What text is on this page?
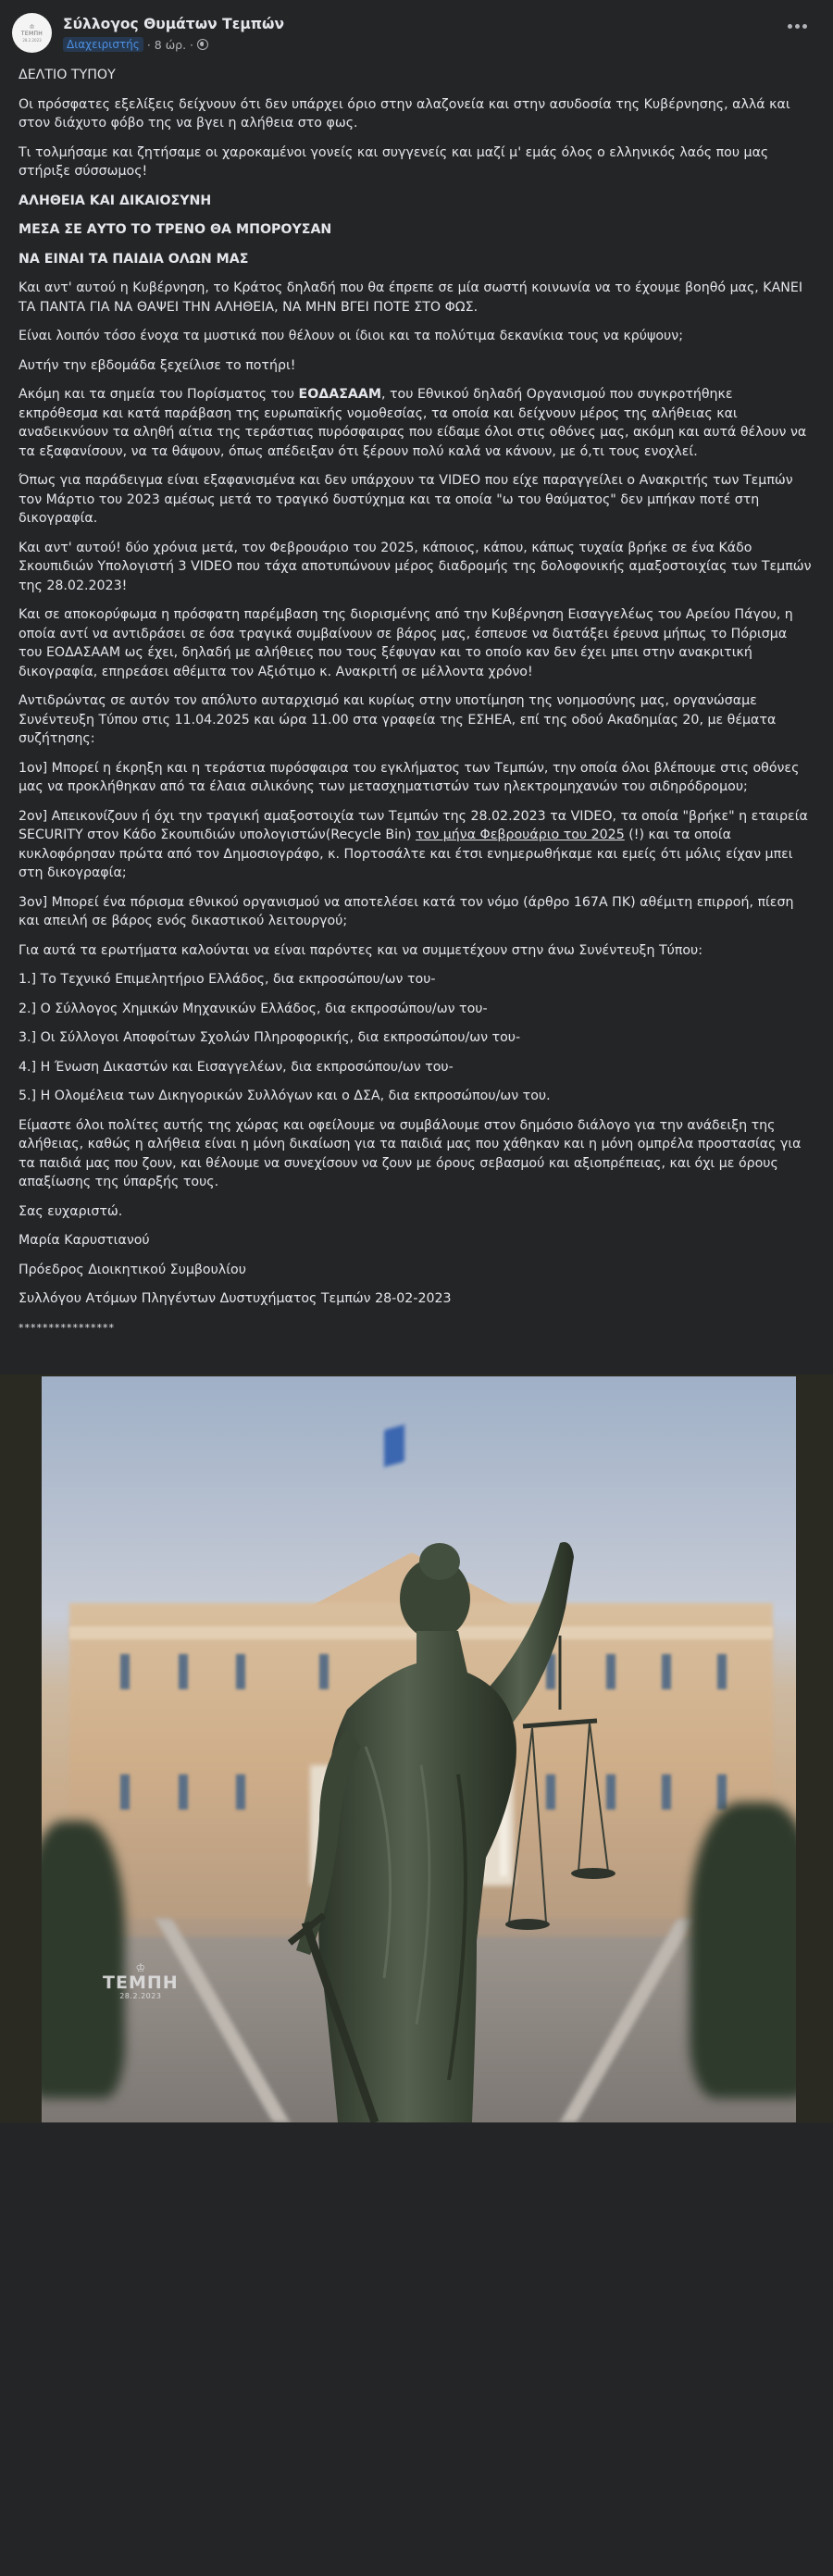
♔
ΤΕΜΠΗ
28.2.2023
Σύλλογος Θυμάτων Τεμπών
Διαχειριστής · 8 ώρ. ·

ΔΕΛΤΙΟ ΤΥΠΟΥ

Οι πρόσφατες εξελίξεις δείχνουν ότι δεν υπάρχει όριο στην αλαζονεία και στην ασυδοσία της Κυβέρνησης, αλλά και στον διάχυτο φόβο της να βγει η αλήθεια στο φως.

Τι τολμήσαμε και ζητήσαμε οι χαροκαμένοι γονείς και συγγενείς και μαζί μ' εμάς όλος ο ελληνικός λαός που μας στήριξε σύσσωμος!

ΑΛΗΘΕΙΑ ΚΑΙ ΔΙΚΑΙΟΣΥΝΗ

ΜΕΣΑ ΣΕ ΑΥΤΟ ΤΟ ΤΡΕΝΟ ΘΑ ΜΠΟΡΟΥΣΑΝ

ΝΑ ΕΙΝΑΙ ΤΑ ΠΑΙΔΙΑ ΟΛΩΝ ΜΑΣ

Και αντ' αυτού η Κυβέρνηση, το Κράτος δηλαδή που θα έπρεπε σε μία σωστή κοινωνία να το έχουμε βοηθό μας, ΚΑΝΕΙ ΤΑ ΠΑΝΤΑ ΓΙΑ ΝΑ ΘΑΨΕΙ ΤΗΝ ΑΛΗΘΕΙΑ, ΝΑ ΜΗΝ ΒΓΕΙ ΠΟΤΕ ΣΤΟ ΦΩΣ.

Είναι λοιπόν τόσο ένοχα τα μυστικά που θέλουν οι ίδιοι και τα πολύτιμα δεκανίκια τους να κρύψουν;

Αυτήν την εβδομάδα ξεχείλισε το ποτήρι!

Ακόμη και τα σημεία του Πορίσματος του ΕΟΔΑΣΑΑΜ, του Εθνικού δηλαδή Οργανισμού που συγκροτήθηκε εκπρόθεσμα και κατά παράβαση της ευρωπαϊκής νομοθεσίας, τα οποία και δείχνουν μέρος της αλήθειας και αναδεικνύουν τα αληθή αίτια της τεράστιας πυρόσφαιρας που είδαμε όλοι στις οθόνες μας, ακόμη και αυτά θέλουν να τα εξαφανίσουν, να τα θάψουν, όπως απέδειξαν ότι ξέρουν πολύ καλά να κάνουν, με ό,τι τους ενοχλεί.

Όπως για παράδειγμα είναι εξαφανισμένα και δεν υπάρχουν τα VIDEO που είχε παραγγείλει ο Ανακριτής των Τεμπών τον Μάρτιο του 2023 αμέσως μετά το τραγικό δυστύχημα και τα οποία "ω του θαύματος" δεν μπήκαν ποτέ στη δικογραφία.

Και αντ' αυτού! δύο χρόνια μετά, τον Φεβρουάριο του 2025, κάποιος, κάπου, κάπως τυχαία βρήκε σε ένα Κάδο Σκουπιδιών Υπολογιστή 3 VIDEO που τάχα αποτυπώνουν μέρος διαδρομής της δολοφονικής αμαξοστοιχίας των Τεμπών της 28.02.2023!

Και σε αποκορύφωμα η πρόσφατη παρέμβαση της διορισμένης από την Κυβέρνηση Εισαγγελέως του Αρείου Πάγου, η οποία αντί να αντιδράσει σε όσα τραγικά συμβαίνουν σε βάρος μας, έσπευσε να διατάξει έρευνα μήπως το Πόρισμα του ΕΟΔΑΣΑΑΜ ως έχει, δηλαδή με αλήθειες που τους ξέφυγαν και το οποίο καν δεν έχει μπει στην ανακριτική δικογραφία, επηρεάσει αθέμιτα τον Αξιότιμο κ. Ανακριτή σε μέλλοντα χρόνο!

Αντιδρώντας σε αυτόν τον απόλυτο αυταρχισμό και κυρίως στην υποτίμηση της νοημοσύνης μας, οργανώσαμε Συνέντευξη Τύπου στις 11.04.2025 και ώρα 11.00 στα γραφεία της ΕΣΗΕΑ, επί της οδού Ακαδημίας 20, με θέματα συζήτησης:

1ον] Μπορεί η έκρηξη και η τεράστια πυρόσφαιρα του εγκλήματος των Τεμπών, την οποία όλοι βλέπουμε στις οθόνες μας να προκλήθηκαν από τα έλαια σιλικόνης των μετασχηματιστών των ηλεκτρομηχανών του σιδηρόδρομου;

2ον] Απεικονίζουν ή όχι την τραγική αμαξοστοιχία των Τεμπών της 28.02.2023 τα VIDEO, τα οποία "βρήκε" η εταιρεία SECURITY στον Κάδο Σκουπιδιών υπολογιστών(Recycle Bin) τον μήνα Φεβρουάριο του 2025 (!) και τα οποία κυκλοφόρησαν πρώτα από τον Δημοσιογράφο, κ. Πορτοσάλτε και έτσι ενημερωθήκαμε και εμείς ότι μόλις είχαν μπει στη δικογραφία;

3ον] Μπορεί ένα πόρισμα εθνικού οργανισμού να αποτελέσει κατά τον νόμο (άρθρο 167Α ΠΚ) αθέμιτη επιρροή, πίεση και απειλή σε βάρος ενός δικαστικού λειτουργού;

Για αυτά τα ερωτήματα καλούνται να είναι παρόντες και να συμμετέχουν στην άνω Συνέντευξη Τύπου:

1.] Το Τεχνικό Επιμελητήριο Ελλάδος, δια εκπροσώπου/ων του-

2.] Ο Σύλλογος Χημικών Μηχανικών Ελλάδος, δια εκπροσώπου/ων του-

3.] Οι Σύλλογοι Αποφοίτων Σχολών Πληροφορικής, δια εκπροσώπου/ων του-

4.] Η Ένωση Δικαστών και Εισαγγελέων, δια εκπροσώπου/ων του-

5.] Η Ολομέλεια των Δικηγορικών Συλλόγων και ο ΔΣΑ, δια εκπροσώπου/ων του.

Είμαστε όλοι πολίτες αυτής της χώρας και οφείλουμε να συμβάλουμε στον δημόσιο διάλογο για την ανάδειξη της αλήθειας, καθώς η αλήθεια είναι η μόνη δικαίωση για τα παιδιά μας που χάθηκαν και η μόνη ομπρέλα προστασίας για τα παιδιά μας που ζουν, και θέλουμε να συνεχίσουν να ζουν με όρους σεβασμού και αξιοπρέπειας, και όχι με όρους απαξίωσης της ύπαρξής τους.

Σας ευχαριστώ.

Μαρία Καρυστιανού

Πρόεδρος Διοικητικού Συμβουλίου

Συλλόγου Ατόμων Πληγέντων Δυστυχήματος Τεμπών 28-02-2023

****************

♔
ΤΕΜΠΗ
28.2.2023
